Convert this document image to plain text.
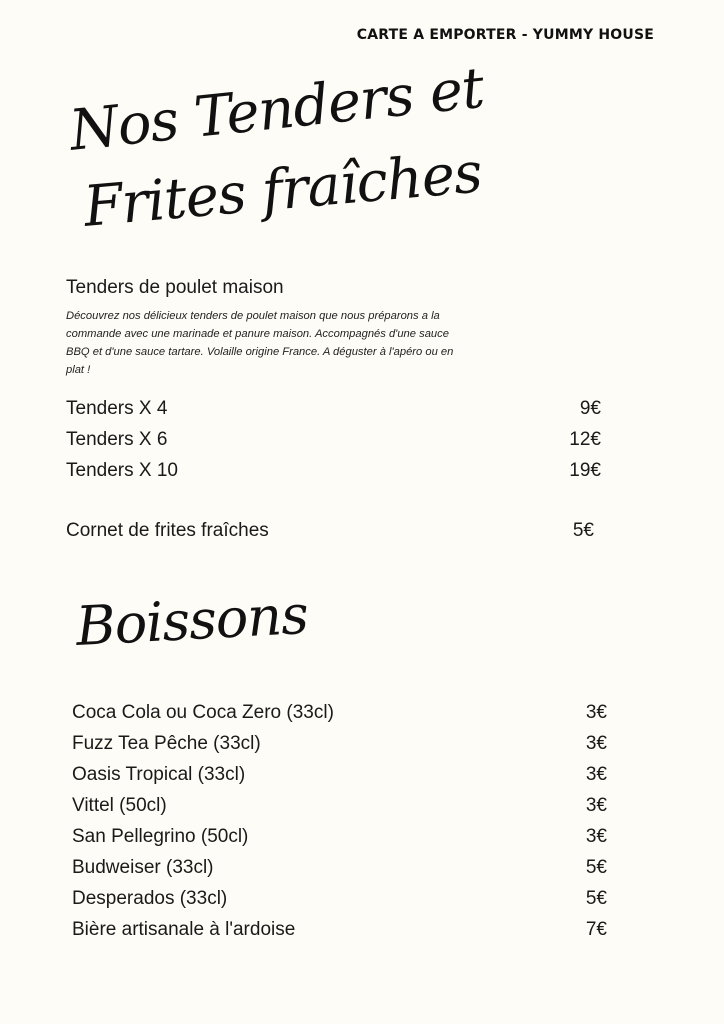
CARTE A EMPORTER - YUMMY HOUSE
Nos Tenders et
Frites fraîches
Tenders de poulet maison
Découvrez nos délicieux tenders de poulet maison que nous préparons a la commande avec une marinade et panure maison. Accompagnés d'une sauce BBQ et d'une sauce tartare. Volaille origine France. A déguster à l'apéro ou en plat !
Tenders X 4	9€
Tenders X 6	12€
Tenders X 10	19€
Cornet de frites fraîches	5€
Boissons
Coca Cola ou Coca Zero (33cl)	3€
Fuzz Tea Pêche (33cl)	3€
Oasis Tropical (33cl)	3€
Vittel (50cl)	3€
San Pellegrino (50cl)	3€
Budweiser (33cl)	5€
Desperados (33cl)	5€
Bière artisanale à l'ardoise	7€
